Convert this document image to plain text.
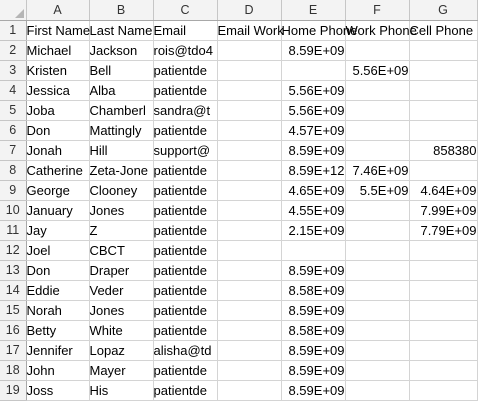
	A	B	C	D	E	F	G
1	First Name	Last Name	Email	Email Work	Home Phone	Work Phone	Cell Phone
2	Michael	Jackson	rois@tdo4		8.59E+09		
3	Kristen	Bell	patientde			5.56E+09	
4	Jessica	Alba	patientde		5.56E+09		
5	Joba	Chamberl	sandra@t		5.56E+09		
6	Don	Mattingly	patientde		4.57E+09		
7	Jonah	Hill	support@		8.59E+09		858380
8	Catherine	Zeta-Jone	patientde		8.59E+12	7.46E+09	
9	George	Clooney	patientde		4.65E+09	5.5E+09	4.64E+09
10	January	Jones	patientde		4.55E+09		7.99E+09
11	Jay	Z	patientde		2.15E+09		7.79E+09
12	Joel	CBCT	patientde				
13	Don	Draper	patientde		8.59E+09		
14	Eddie	Veder	patientde		8.58E+09		
15	Norah	Jones	patientde		8.59E+09		
16	Betty	White	patientde		8.58E+09		
17	Jennifer	Lopaz	alisha@td		8.59E+09		
18	John	Mayer	patientde		8.59E+09		
19	Joss	His	patientde		8.59E+09		
